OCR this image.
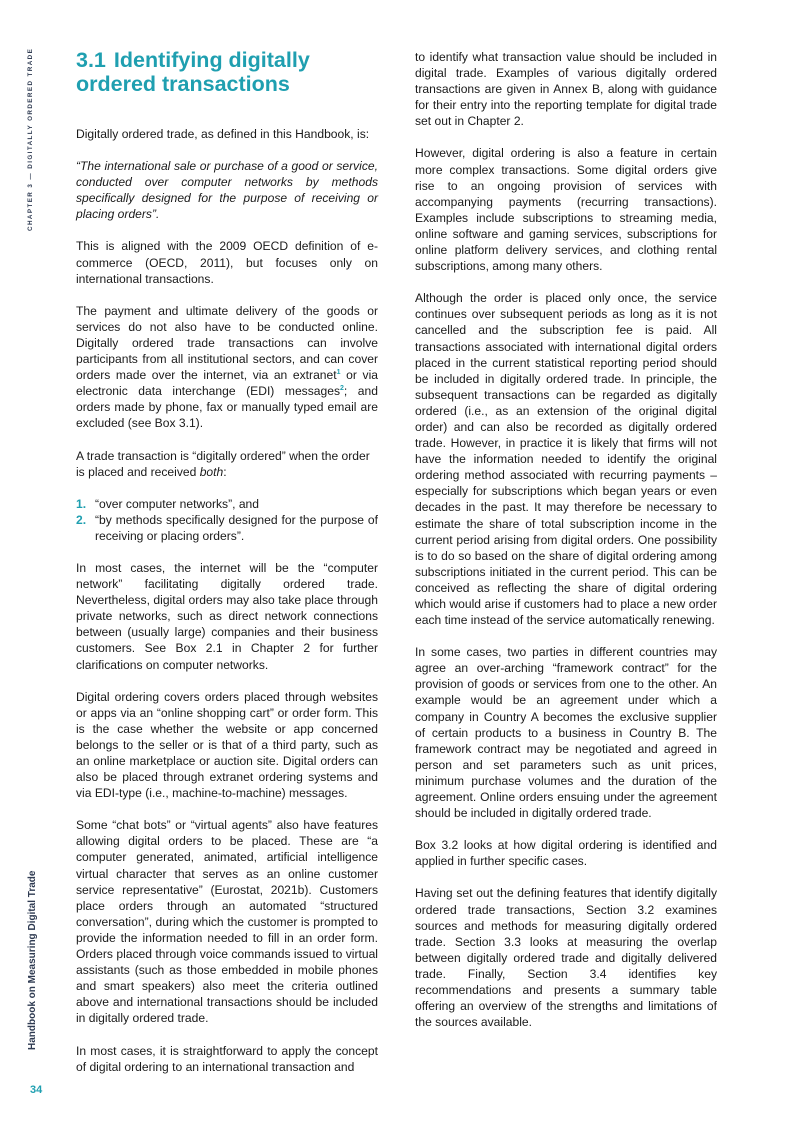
CHAPTER 3 — DIGITALLY ORDERED TRADE
Handbook on Measuring Digital Trade
34
3.1 Identifying digitally ordered transactions

Digitally ordered trade, as defined in this Handbook, is:

“The international sale or purchase of a good or service, conducted over computer networks by methods specifically designed for the purpose of receiving or placing orders”.

This is aligned with the 2009 OECD definition of e-commerce (OECD, 2011), but focuses only on international transactions.

The payment and ultimate delivery of the goods or services do not also have to be conducted online. Digitally ordered trade transactions can involve participants from all institutional sectors, and can cover orders made over the internet, via an extranet$^1$ or via electronic data interchange (EDI) messages$^2$; and orders made by phone, fax or manually typed email are excluded (see Box 3.1).

A trade transaction is “digitally ordered” when the order is placed and received both:

1. “over computer networks”, and
2. “by methods specifically designed for the purpose of receiving or placing orders”.

In most cases, the internet will be the “computer network” facilitating digitally ordered trade. Nevertheless, digital orders may also take place through private networks, such as direct network connections between (usually large) companies and their business customers. See Box 2.1 in Chapter 2 for further clarifications on computer networks.

Digital ordering covers orders placed through websites or apps via an “online shopping cart” or order form. This is the case whether the website or app concerned belongs to the seller or is that of a third party, such as an online marketplace or auction site. Digital orders can also be placed through extranet ordering systems and via EDI-type (i.e., machine-to-machine) messages.

Some “chat bots” or “virtual agents” also have features allowing digital orders to be placed. These are “a computer generated, animated, artificial intelligence virtual character that serves as an online customer service representative” (Eurostat, 2021b). Customers place orders through an automated “structured conversation”, during which the customer is prompted to provide the information needed to fill in an order form. Orders placed through voice commands issued to virtual assistants (such as those embedded in mobile phones and smart speakers) also meet the criteria outlined above and international transactions should be included in digitally ordered trade.

In most cases, it is straightforward to apply the concept of digital ordering to an international transaction and

to identify what transaction value should be included in digital trade. Examples of various digitally ordered transactions are given in Annex B, along with guidance for their entry into the reporting template for digital trade set out in Chapter 2.

However, digital ordering is also a feature in certain more complex transactions. Some digital orders give rise to an ongoing provision of services with accompanying payments (recurring transactions). Examples include subscriptions to streaming media, online software and gaming services, subscriptions for online platform delivery services, and clothing rental subscriptions, among many others.

Although the order is placed only once, the service continues over subsequent periods as long as it is not cancelled and the subscription fee is paid. All transactions associated with international digital orders placed in the current statistical reporting period should be included in digitally ordered trade. In principle, the subsequent transactions can be regarded as digitally ordered (i.e., as an extension of the original digital order) and can also be recorded as digitally ordered trade. However, in practice it is likely that firms will not have the information needed to identify the original ordering method associated with recurring payments – especially for subscriptions which began years or even decades in the past. It may therefore be necessary to estimate the share of total subscription income in the current period arising from digital orders. One possibility is to do so based on the share of digital ordering among subscriptions initiated in the current period. This can be conceived as reflecting the share of digital ordering which would arise if customers had to place a new order each time instead of the service automatically renewing.

In some cases, two parties in different countries may agree an over-arching “framework contract” for the provision of goods or services from one to the other. An example would be an agreement under which a company in Country A becomes the exclusive supplier of certain products to a business in Country B. The framework contract may be negotiated and agreed in person and set parameters such as unit prices, minimum purchase volumes and the duration of the agreement. Online orders ensuing under the agreement should be included in digitally ordered trade.

Box 3.2 looks at how digital ordering is identified and applied in further specific cases.

Having set out the defining features that identify digitally ordered trade transactions, Section 3.2 examines sources and methods for measuring digitally ordered trade. Section 3.3 looks at measuring the overlap between digitally ordered trade and digitally delivered trade. Finally, Section 3.4 identifies key recommendations and presents a summary table offering an overview of the strengths and limitations of the sources available.
